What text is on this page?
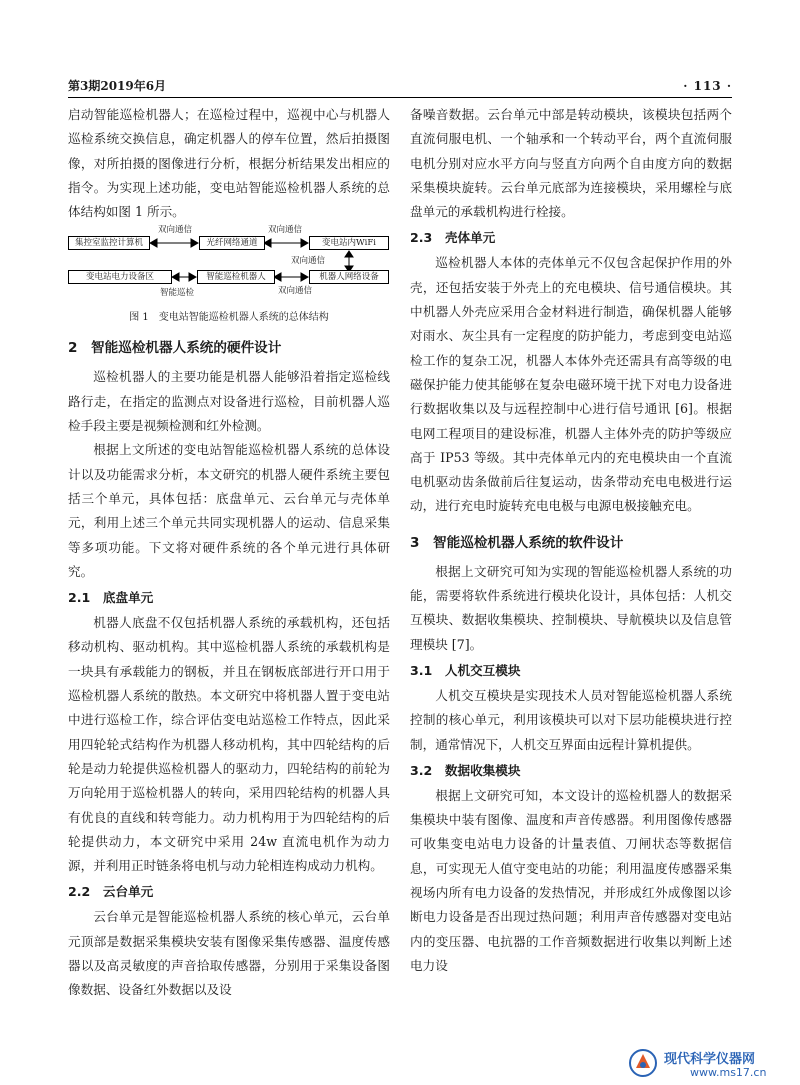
第3期2019年6月	· 113 ·

启动智能巡检机器人；在巡检过程中，巡视中心与机器人巡检系统交换信息，确定机器人的停车位置，然后拍摄图像，对所拍摄的图像进行分析，根据分析结果发出相应的指令。为实现上述功能，变电站智能巡检机器人系统的总体结构如图 1 所示。

集控室监控计算机	光纤网络通道	变电站内WiFi
变电站电力设备区	智能巡检机器人	机器人网络设备
双向通信	双向通信
双向通信
双向通信
智能巡检
图 1　变电站智能巡检机器人系统的总体结构
2　智能巡检机器人系统的硬件设计

巡检机器人的主要功能是机器人能够沿着指定巡检线路行走，在指定的监测点对设备进行巡检，目前机器人巡检手段主要是视频检测和红外检测。

根据上文所述的变电站智能巡检机器人系统的总体设计以及功能需求分析，本文研究的机器人硬件系统主要包括三个单元，具体包括：底盘单元、云台单元与壳体单元，利用上述三个单元共同实现机器人的运动、信息采集等多项功能。下文将对硬件系统的各个单元进行具体研究。

2.1　底盘单元

机器人底盘不仅包括机器人系统的承载机构，还包括移动机构、驱动机构。其中巡检机器人系统的承载机构是一块具有承载能力的钢板，并且在钢板底部进行开口用于巡检机器人系统的散热。本文研究中将机器人置于变电站中进行巡检工作，综合评估变电站巡检工作特点，因此采用四轮轮式结构作为机器人移动机构，其中四轮结构的后轮是动力轮提供巡检机器人的驱动力，四轮结构的前轮为万向轮用于巡检机器人的转向，采用四轮结构的机器人具有优良的直线和转弯能力。动力机构用于为四轮结构的后轮提供动力，本文研究中采用 24w 直流电机作为动力源，并利用正时链条将电机与动力轮相连构成动力机构。

2.2　云台单元

云台单元是智能巡检机器人系统的核心单元，云台单元顶部是数据采集模块安装有图像采集传感器、温度传感器以及高灵敏度的声音拾取传感器，分别用于采集设备图像数据、设备红外数据以及设

备噪音数据。云台单元中部是转动模块，该模块包括两个直流伺服电机、一个轴承和一个转动平台，两个直流伺服电机分别对应水平方向与竖直方向两个自由度方向的数据采集模块旋转。云台单元底部为连接模块，采用螺栓与底盘单元的承载机构进行栓接。

2.3　壳体单元

巡检机器人本体的壳体单元不仅包含起保护作用的外壳，还包括安装于外壳上的充电模块、信号通信模块。其中机器人外壳应采用合金材料进行制造，确保机器人能够对雨水、灰尘具有一定程度的防护能力，考虑到变电站巡检工作的复杂工况，机器人本体外壳还需具有高等级的电磁保护能力使其能够在复杂电磁环境干扰下对电力设备进行数据收集以及与远程控制中心进行信号通讯 [6]。根据电网工程项目的建设标准，机器人主体外壳的防护等级应高于 IP53 等级。其中壳体单元内的充电模块由一个直流电机驱动齿条做前后往复运动，齿条带动充电电极进行运动，进行充电时旋转充电电极与电源电极接触充电。

3　智能巡检机器人系统的软件设计

根据上文研究可知为实现的智能巡检机器人系统的功能，需要将软件系统进行模块化设计，具体包括：人机交互模块、数据收集模块、控制模块、导航模块以及信息管理模块 [7]。

3.1　人机交互模块

人机交互模块是实现技术人员对智能巡检机器人系统控制的核心单元，利用该模块可以对下层功能模块进行控制，通常情况下，人机交互界面由远程计算机提供。

3.2　数据收集模块

根据上文研究可知，本文设计的巡检机器人的数据采集模块中装有图像、温度和声音传感器。利用图像传感器可收集变电站电力设备的计量表值、刀闸状态等数据信息，可实现无人值守变电站的功能；利用温度传感器采集视场内所有电力设备的发热情况，并形成红外成像图以诊断电力设备是否出现过热问题；利用声音传感器对变电站内的变压器、电抗器的工作音频数据进行收集以判断上述电力设

现代科学仪器网
www.ms17.cn
